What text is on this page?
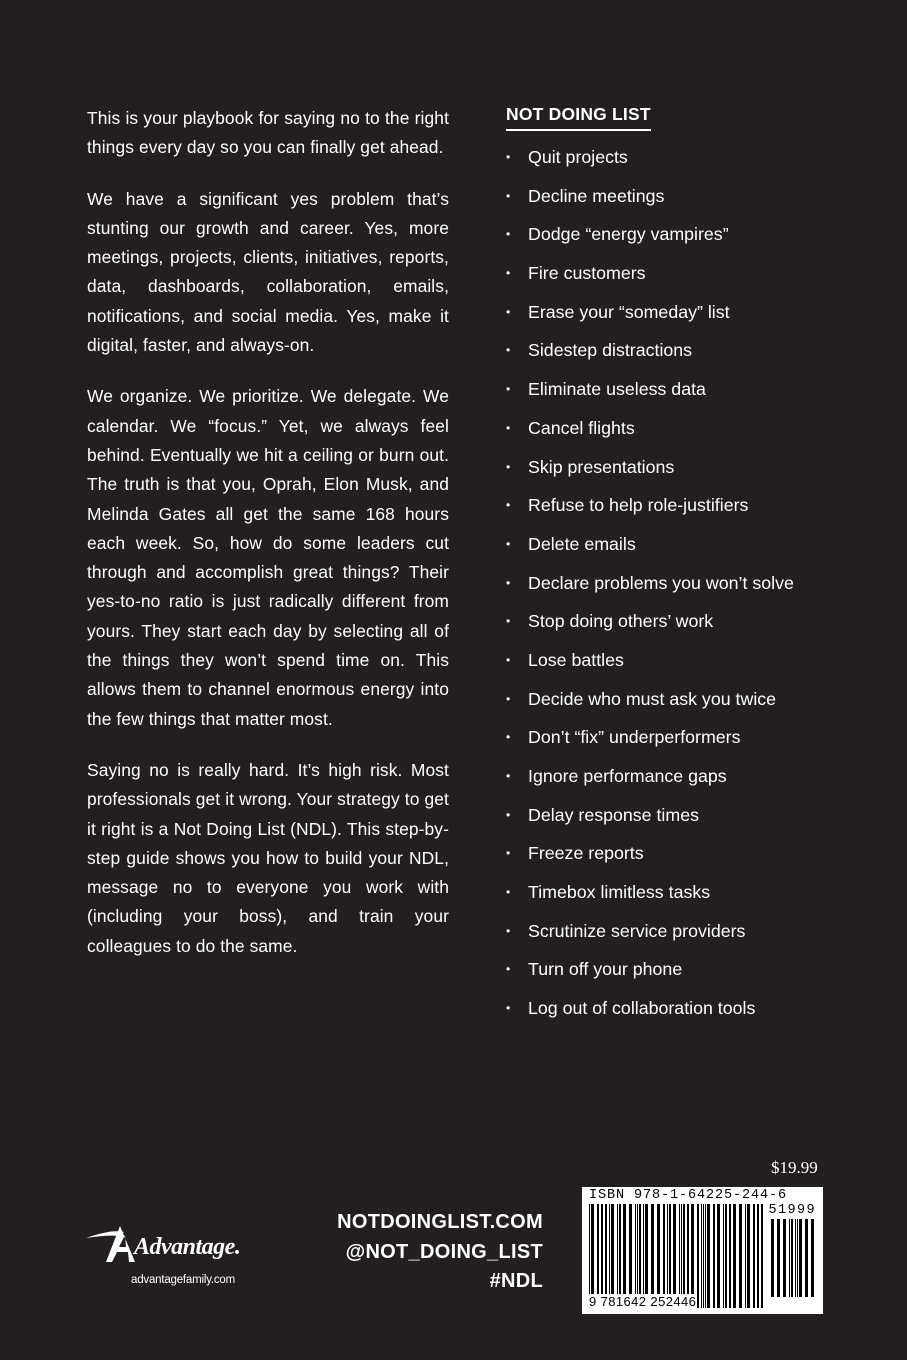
This is your playbook for saying no to the right things every day so you can finally get ahead.

We have a significant yes problem that’s stunting our growth and career. Yes, more meetings, projects, clients, initiatives, reports, data, dashboards, collaboration, emails, notifications, and social media. Yes, make it digital, faster, and always-on.

We organize. We prioritize. We delegate. We calendar. We “focus.” Yet, we always feel behind. Eventually we hit a ceiling or burn out. The truth is that you, Oprah, Elon Musk, and Melinda Gates all get the same 168 hours each week. So, how do some leaders cut through and accomplish great things? Their yes-to-no ratio is just radically different from yours. They start each day by selecting all of the things they won’t spend time on. This allows them to channel enormous energy into the few things that matter most.

Saying no is really hard. It’s high risk. Most professionals get it wrong. Your strategy to get it right is a Not Doing List (NDL). This step-by-step guide shows you how to build your NDL, message no to everyone you work with (including your boss), and train your colleagues to do the same.

NOT DOING LIST
• Quit projects
• Decline meetings
• Dodge “energy vampires”
• Fire customers
• Erase your “someday” list
• Sidestep distractions
• Eliminate useless data
• Cancel flights
• Skip presentations
• Refuse to help role-justifiers
• Delete emails
• Declare problems you won’t solve
• Stop doing others’ work
• Lose battles
• Decide who must ask you twice
• Don’t “fix” underperformers
• Ignore performance gaps
• Delay response times
• Freeze reports
• Timebox limitless tasks
• Scrutinize service providers
• Turn off your phone
• Log out of collaboration tools
Advantage.
advantagefamily.com
NOTDOINGLIST.COM
@NOT_DOING_LIST
#NDL
$19.99
ISBN 978-1-64225-244-6
51999
9 781642 252446
